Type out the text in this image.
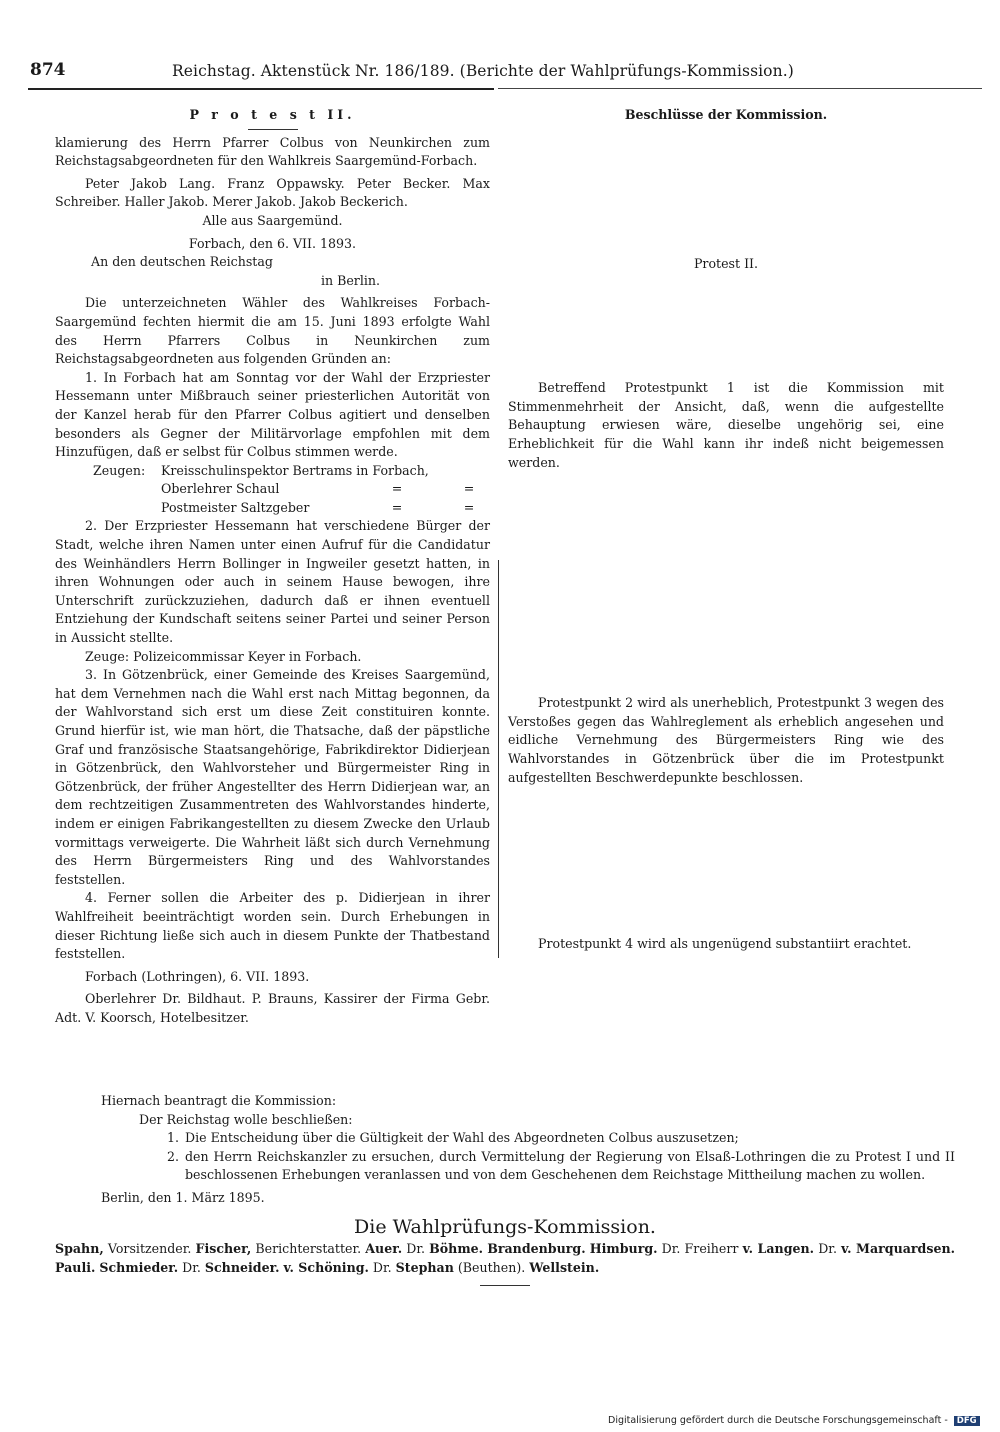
874	Reichstag. Aktenstück Nr. 186/189. (Berichte der Wahlprüfungs-Kommission.)

P r o t e s t II.

klamierung des Herrn Pfarrer Colbus von Neunkirchen zum Reichstagsabgeordneten für den Wahlkreis Saargemünd-Forbach.

Peter Jakob Lang. Franz Oppawsky. Peter Becker. Max Schreiber. Haller Jakob. Merer Jakob. Jakob Beckerich.

Alle aus Saargemünd.

Forbach, den 6. VII. 1893.

An den deutschen Reichstag

in Berlin.

Die unterzeichneten Wähler des Wahlkreises Forbach-Saargemünd fechten hiermit die am 15. Juni 1893 erfolgte Wahl des Herrn Pfarrers Colbus in Neunkirchen zum Reichstagsabgeordneten aus folgenden Gründen an:

1. In Forbach hat am Sonntag vor der Wahl der Erzpriester Hessemann unter Mißbrauch seiner priesterlichen Autorität von der Kanzel herab für den Pfarrer Colbus agitiert und denselben besonders als Gegner der Militärvorlage empfohlen mit dem Hinzufügen, daß er selbst für Colbus stimmen werde.

Zeugen:	Kreisschulinspektor Bertrams in Forbach,
Oberlehrer Schaul	=	=
Postmeister Saltzgeber	=	=

2. Der Erzpriester Hessemann hat verschiedene Bürger der Stadt, welche ihren Namen unter einen Aufruf für die Candidatur des Weinhändlers Herrn Bollinger in Ingweiler gesetzt hatten, in ihren Wohnungen oder auch in seinem Hause bewogen, ihre Unterschrift zurückzuziehen, dadurch daß er ihnen eventuell Entziehung der Kundschaft seitens seiner Partei und seiner Person in Aussicht stellte.

Zeuge: Polizeicommissar Keyer in Forbach.

3. In Götzenbrück, einer Gemeinde des Kreises Saargemünd, hat dem Vernehmen nach die Wahl erst nach Mittag begonnen, da der Wahlvorstand sich erst um diese Zeit constituiren konnte. Grund hierfür ist, wie man hört, die Thatsache, daß der päpstliche Graf und französische Staatsangehörige, Fabrikdirektor Didierjean in Götzenbrück, den Wahlvorsteher und Bürgermeister Ring in Götzenbrück, der früher Angestellter des Herrn Didierjean war, an dem rechtzeitigen Zusammentreten des Wahlvorstandes hinderte, indem er einigen Fabrikangestellten zu diesem Zwecke den Urlaub vormittags verweigerte. Die Wahrheit läßt sich durch Vernehmung des Herrn Bürgermeisters Ring und des Wahlvorstandes feststellen.

4. Ferner sollen die Arbeiter des p. Didierjean in ihrer Wahlfreiheit beeinträchtigt worden sein. Durch Erhebungen in dieser Richtung ließe sich auch in diesem Punkte der Thatbestand feststellen.

Forbach (Lothringen), 6. VII. 1893.

Oberlehrer Dr. Bildhaut. P. Brauns, Kassirer der Firma Gebr. Adt. V. Koorsch, Hotelbesitzer.

Beschlüsse der Kommission.

Protest II.

Betreffend Protestpunkt 1 ist die Kommission mit Stimmenmehrheit der Ansicht, daß, wenn die aufgestellte Behauptung erwiesen wäre, dieselbe ungehörig sei, eine Erheblichkeit für die Wahl kann ihr indeß nicht beigemessen werden.

Protestpunkt 2 wird als unerheblich, Protestpunkt 3 wegen des Verstoßes gegen das Wahlreglement als erheblich angesehen und eidliche Vernehmung des Bürgermeisters Ring wie des Wahlvorstandes in Götzenbrück über die im Protestpunkt aufgestellten Beschwerdepunkte beschlossen.

Protestpunkt 4 wird als ungenügend substantiirt erachtet.

Hiernach beantragt die Kommission:

Der Reichstag wolle beschließen:

1. Die Entscheidung über die Gültigkeit der Wahl des Abgeordneten Colbus auszusetzen;
2. den Herrn Reichskanzler zu ersuchen, durch Vermittelung der Regierung von Elsaß-Lothringen die zu Protest I und II beschlossenen Erhebungen veranlassen und von dem Geschehenen dem Reichstage Mittheilung machen zu wollen.

Berlin, den 1. März 1895.

Die Wahlprüfungs-Kommission.

Spahn, Vorsitzender. Fischer, Berichterstatter. Auer. Dr. Böhme. Brandenburg. Himburg. Dr. Freiherr v. Langen. Dr. v. Marquardsen. Pauli. Schmieder. Dr. Schneider. v. Schöning. Dr. Stephan (Beuthen). Wellstein.

Digitalisierung gefördert durch die Deutsche Forschungsgemeinschaft - DFG
